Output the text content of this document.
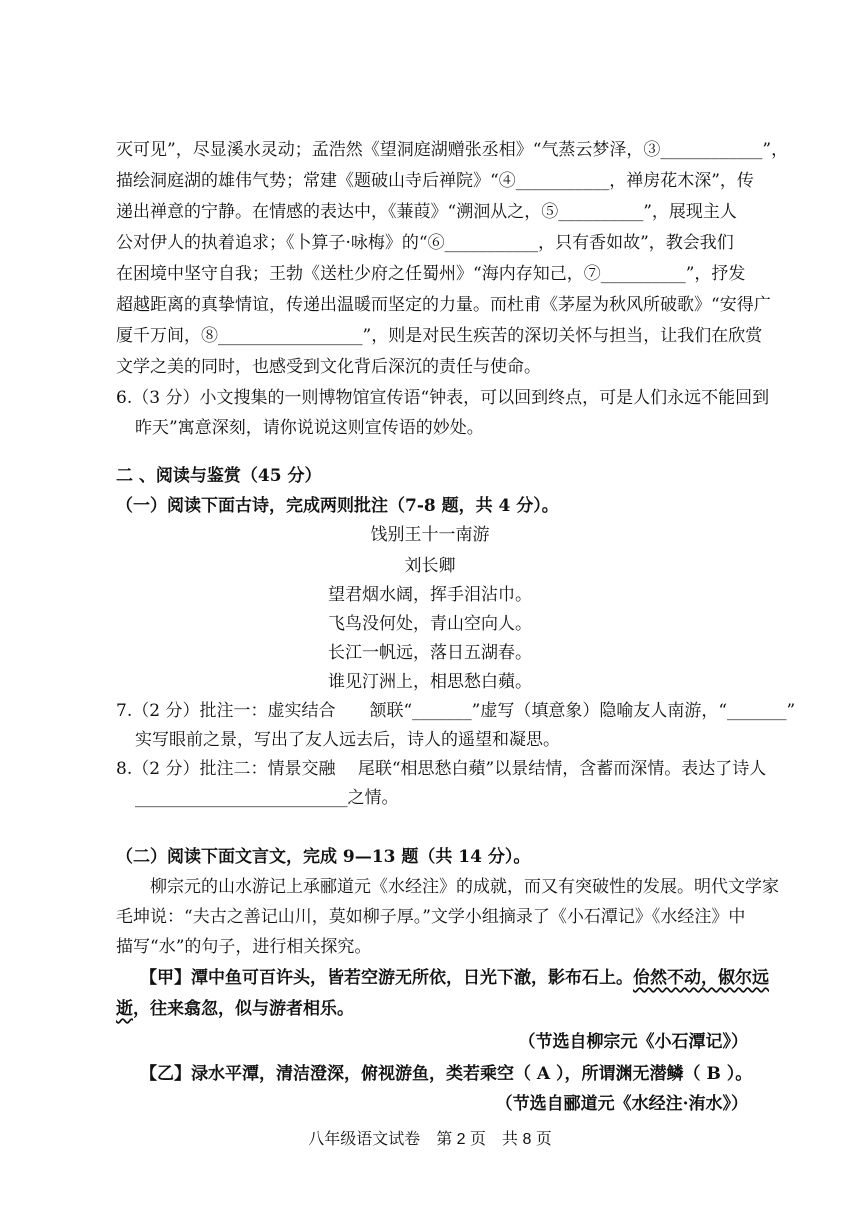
灭可见”，尽显溪水灵动；孟浩然《望洞庭湖赠张丞相》“气蒸云梦泽，③____________”，
描绘洞庭湖的雄伟气势；常建《题破山寺后禅院》“④___________，禅房花木深”，传
递出禅意的宁静。在情感的表达中，《蒹葭》“溯洄从之，⑤__________”，展现主人
公对伊人的执着追求；《卜算子·咏梅》的“⑥___________，只有香如故”，教会我们
在困境中坚守自我；王勃《送杜少府之任蜀州》“海内存知己，⑦__________”，抒发
超越距离的真挚情谊，传递出温暖而坚定的力量。而杜甫《茅屋为秋风所破歌》“安得广
厦千万间，⑧_________________”，则是对民生疾苦的深切关怀与担当，让我们在欣赏
文学之美的同时，也感受到文化背后深沉的责任与使命。
6.（3 分）小文搜集的一则博物馆宣传语“钟表，可以回到终点，可是人们永远不能回到
昨天”寓意深刻，请你说说这则宣传语的妙处。
二 、阅读与鉴赏（45 分）
（一）阅读下面古诗，完成两则批注（7-8 题，共 4 分）。
饯别王十一南游
刘长卿
望君烟水阔，挥手泪沾巾。
飞鸟没何处，青山空向人。
长江一帆远，落日五湖春。
谁见汀洲上，相思愁白蘋。
7.（2 分）批注一：虚实结合　　颔联“_______”虚写（填意象）隐喻友人南游，“_______”
实写眼前之景，写出了友人远去后，诗人的遥望和凝思。
8.（2 分）批注二：情景交融　 尾联“相思愁白蘋”以景结情，含蓄而深情。表达了诗人
_________________________之情。
（二）阅读下面文言文，完成 9—13 题（共 14 分）。
柳宗元的山水游记上承郦道元《水经注》的成就，而又有突破性的发展。明代文学家
毛坤说：“夫古之善记山川，莫如柳子厚。”文学小组摘录了《小石潭记》《水经注》中
描写“水”的句子，进行相关探究。
【甲】潭中鱼可百许头，皆若空游无所依，日光下澈，影布石上。佁然不动，俶尔远
逝，往来翕忽，似与游者相乐。
（节选自柳宗元《小石潭记》）
【乙】渌水平潭，清洁澄深，俯视游鱼，类若乘空（ A ），所谓渊无潜鳞（ B ）。
（节选自郦道元《水经注·洧水》）
八年级语文试卷　第 2 页　共 8 页
